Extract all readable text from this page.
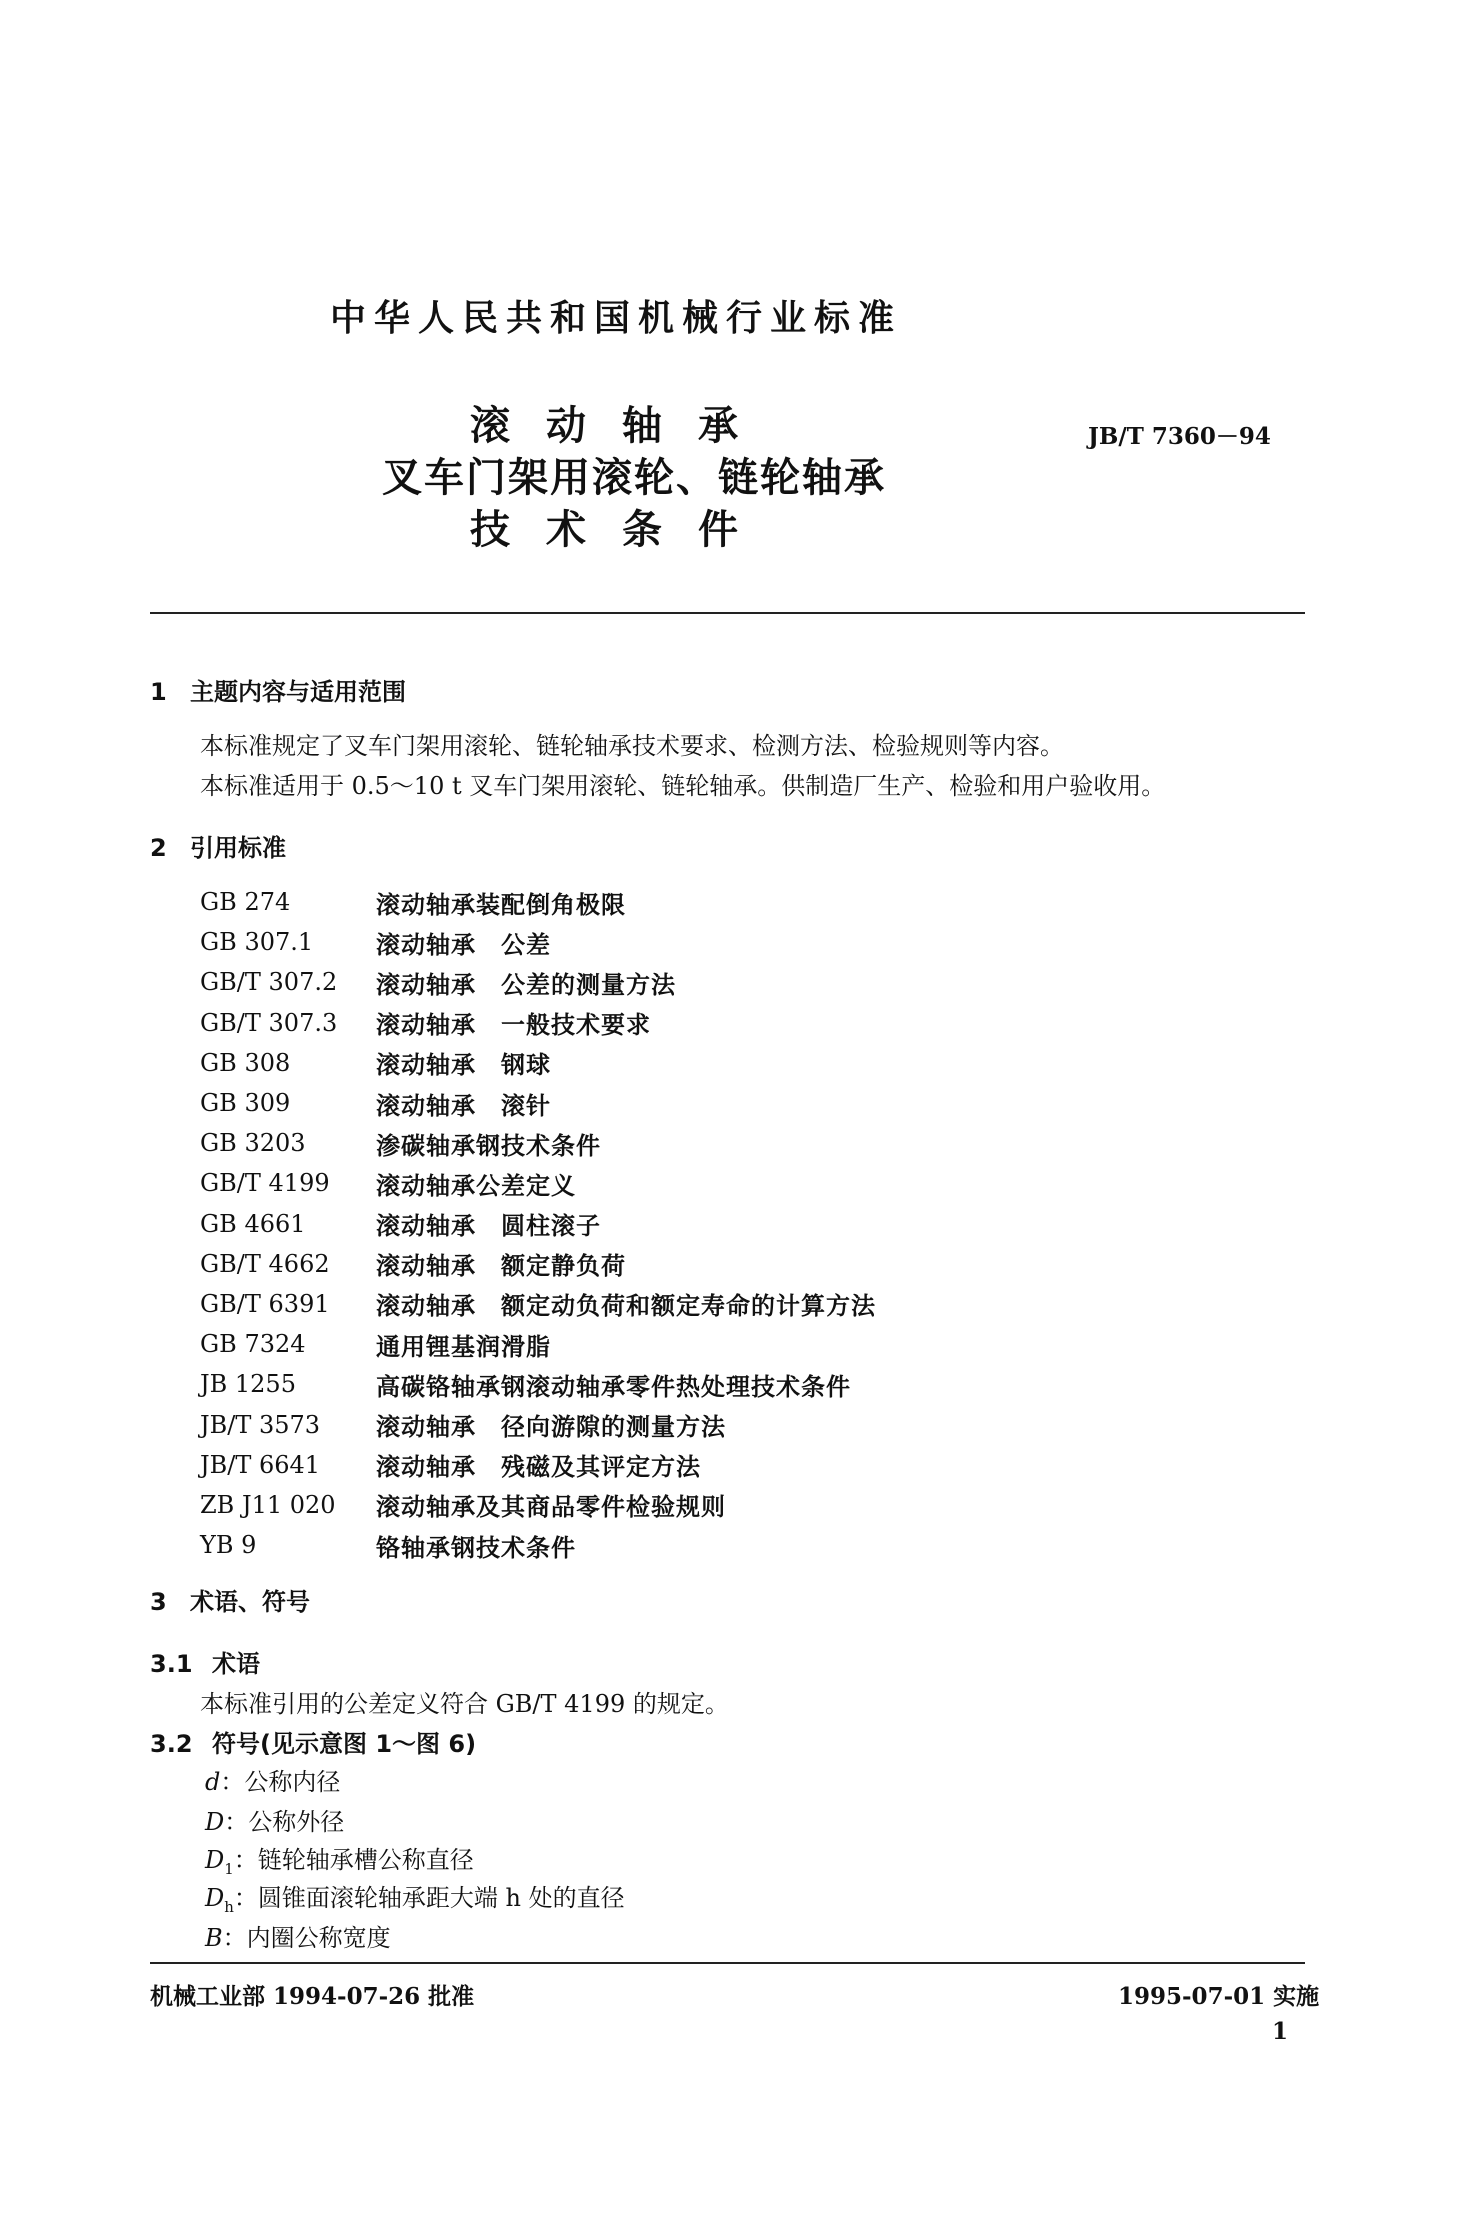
中华人民共和国机械行业标准
滚动轴承
叉车门架用滚轮、链轮轴承
技术条件
JB/T 7360－94
1 主题内容与适用范围
本标准规定了叉车门架用滚轮、链轮轴承技术要求、检测方法、检验规则等内容。
本标准适用于 0.5～10 t 叉车门架用滚轮、链轮轴承。供制造厂生产、检验和用户验收用。
2 引用标准
GB 274	滚动轴承装配倒角极限
GB 307.1	滚动轴承　公差
GB/T 307.2	滚动轴承　公差的测量方法
GB/T 307.3	滚动轴承　一般技术要求
GB 308	滚动轴承　钢球
GB 309	滚动轴承　滚针
GB 3203	渗碳轴承钢技术条件
GB/T 4199	滚动轴承公差定义
GB 4661	滚动轴承　圆柱滚子
GB/T 4662	滚动轴承　额定静负荷
GB/T 6391	滚动轴承　额定动负荷和额定寿命的计算方法
GB 7324	通用锂基润滑脂
JB 1255	高碳铬轴承钢滚动轴承零件热处理技术条件
JB/T 3573	滚动轴承　径向游隙的测量方法
JB/T 6641	滚动轴承　残磁及其评定方法
ZB J11 020	滚动轴承及其商品零件检验规则
YB 9	铬轴承钢技术条件
3 术语、符号
3.1 术语
本标准引用的公差定义符合 GB/T 4199 的规定。
3.2 符号(见示意图 1～图 6)
d：公称内径
D：公称外径
$D_1$：链轮轴承槽公称直径
$D_h$：圆锥面滚轮轴承距大端 h 处的直径
B：内圈公称宽度
机械工业部 1994-07-26 批准	1995-07-01 实施
1
